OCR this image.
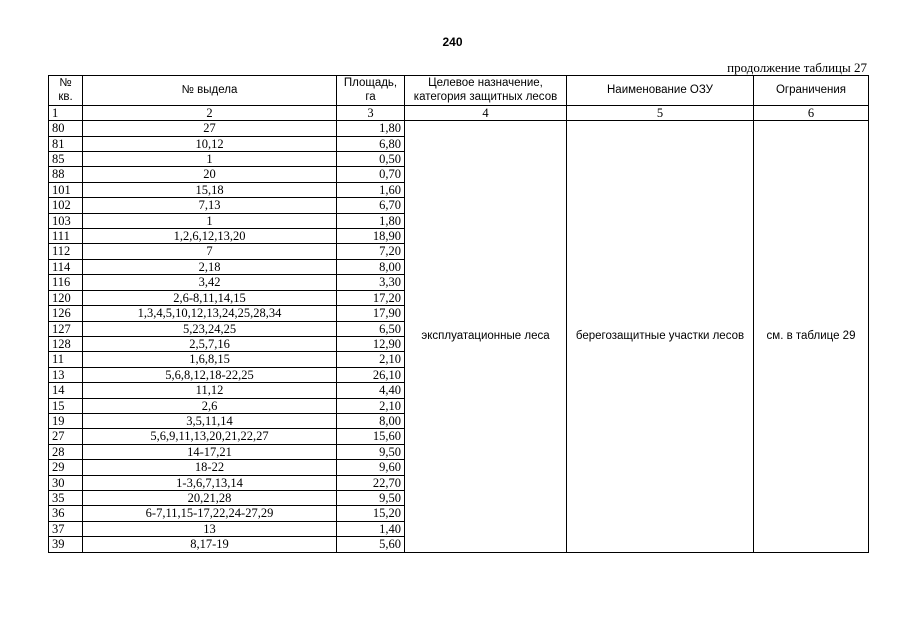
240
продолжение таблицы 27
№ кв.	№ выдела	Площадь, га	Целевое назначение, категория защитных лесов	Наименование ОЗУ	Ограничения
1	2	3	4	5	6
80	27	1,80	эксплуатационные леса	берегозащитные участки лесов	см. в таблице 29
81	10,12	6,80			
85	1	0,50			
88	20	0,70			
101	15,18	1,60			
102	7,13	6,70			
103	1	1,80			
111	1,2,6,12,13,20	18,90			
112	7	7,20			
114	2,18	8,00			
116	3,42	3,30			
120	2,6-8,11,14,15	17,20			
126	1,3,4,5,10,12,13,24,25,28,34	17,90			
127	5,23,24,25	6,50			
128	2,5,7,16	12,90			
11	1,6,8,15	2,10			
13	5,6,8,12,18-22,25	26,10			
14	11,12	4,40			
15	2,6	2,10			
19	3,5,11,14	8,00			
27	5,6,9,11,13,20,21,22,27	15,60			
28	14-17,21	9,50			
29	18-22	9,60			
30	1-3,6,7,13,14	22,70			
35	20,21,28	9,50			
36	6-7,11,15-17,22,24-27,29	15,20			
37	13	1,40			
39	8,17-19	5,60			
